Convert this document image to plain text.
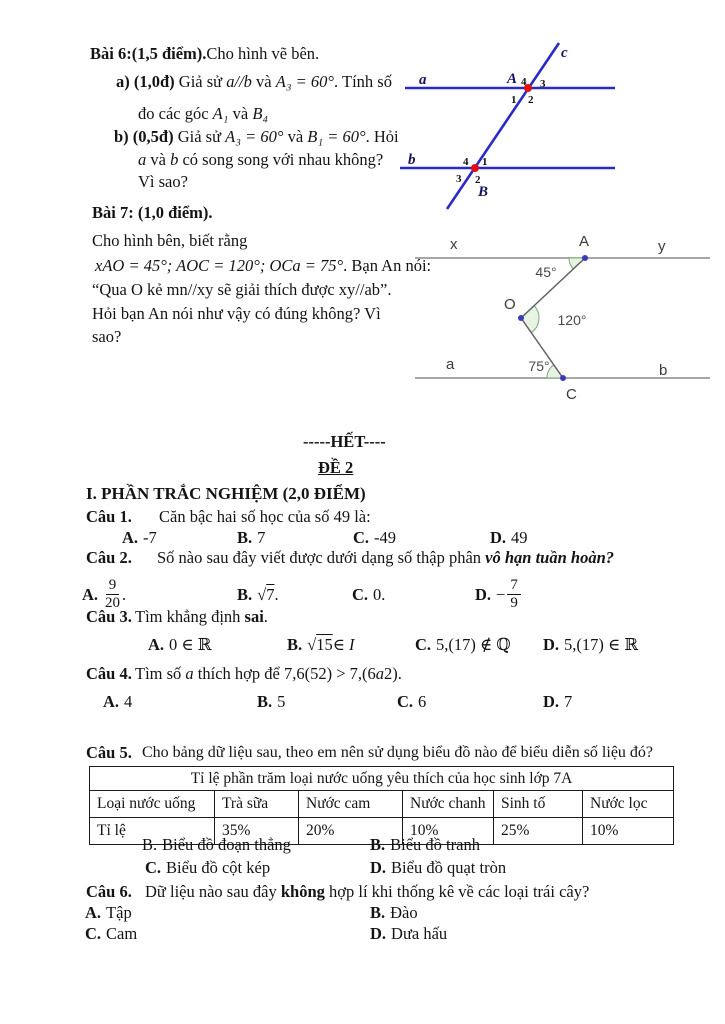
Bài 6:(1,5 điểm).Cho hình vẽ bên.
a) (1,0đ) Giả sử a//b và A₃ = 60°. Tính số
đo các góc A₁ và B₄
b) (0,5đ) Giả sử A₃ = 60° và B₁ = 60°. Hỏi
a và b có song song với nhau không?
Vì sao?
a
c
A 4 3
1 2
b	4 1
3 2
B
Bài 7: (1,0 điểm).
Cho hình bên, biết rằng
xAO = 45°; AOC = 120°; OCa = 75°. Bạn An nói:
“Qua O kẻ mn//xy sẽ giải thích được xy//ab”.
Hỏi bạn An nói như vậy có đúng không? Vì
sao?
x	A	y
O
a	b
C
45°
120°
75°
-----HẾT----
ĐỀ 2
I. PHẦN TRẮC NGHIỆM (2,0 ĐIỂM)
Câu 1. Căn bậc hai số học của số 49 là:
A. -7	B. 7	C. -49	D. 49
Câu 2. Số nào sau đây viết được dưới dạng số thập phân vô hạn tuần hoàn?
A. $\frac{9}{20}$ .	B. √ 7 .	C. 0.	D. − $\frac{7}{9}$
Câu 3. Tìm khẳng định sai.
A. 0 ∈ ℝ	B. √ 15 ∈ I	C. 5,(17) ∉ ℚ D. 5,(17) ∈ ℝ
Câu 4. Tìm số a thích hợp để 7,6(52) > 7,(6a2).
A. 4	B. 5	C. 6	D. 7
Câu 5. Cho bảng dữ liệu sau, theo em nên sử dụng biểu đồ nào để biểu diễn số liệu đó?
Tỉ lệ phần trăm loại nước uống yêu thích của học sinh lớp 7A					
Loại nước uống	Trà sữa	Nước cam	Nước chanh	Sinh tố	Nước lọc
Tỉ lệ	35%	20%	10%	25%	10%
B. Biểu đồ đoạn thẳng	B. Biểu đồ tranh
C. Biểu đồ cột kép	D. Biểu đồ quạt tròn
Câu 6. Dữ liệu nào sau đây không hợp lí khi thống kê về các loại trái cây?
A. Tập	B. Đào
C. Cam	D. Dưa hấu
